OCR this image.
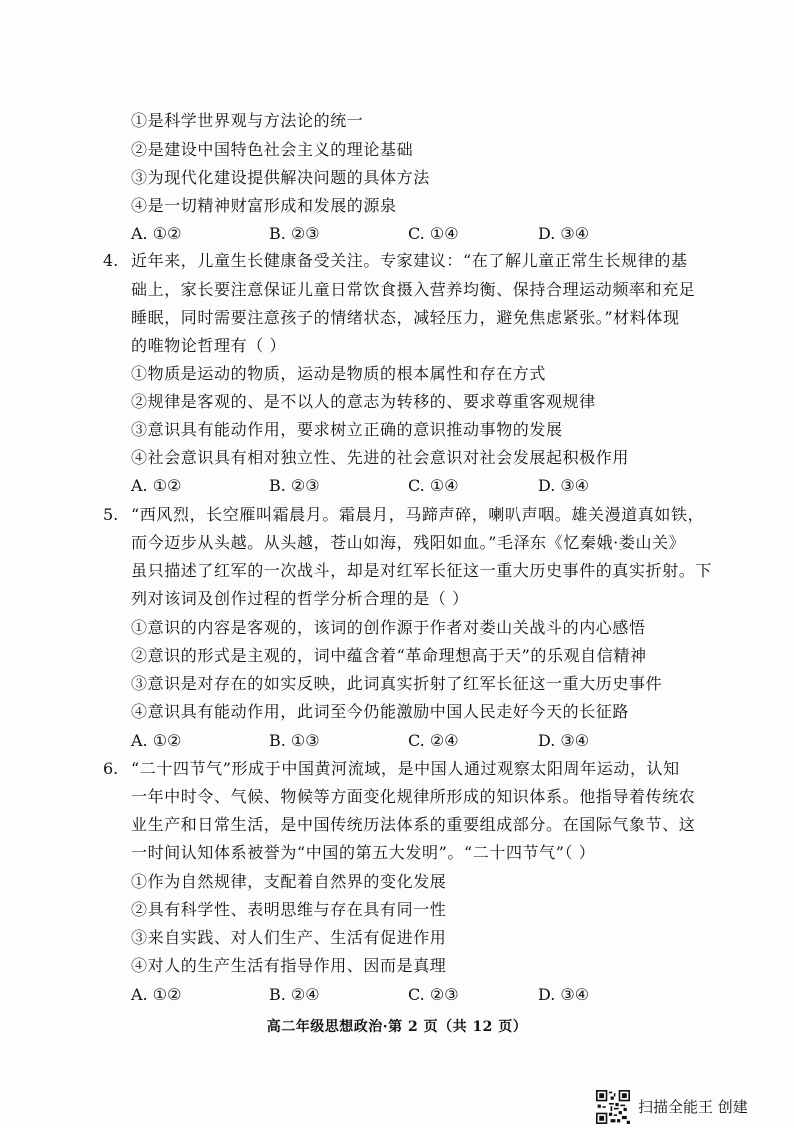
①是科学世界观与方法论的统一
②是建设中国特色社会主义的理论基础
③为现代化建设提供解决问题的具体方法
④是一切精神财富形成和发展的源泉
A. ①②	B. ②③	C. ①④	D. ③④
4. 近年来，儿童生长健康备受关注。专家建议：“在了解儿童正常生长规律的基
础上，家长要注意保证儿童日常饮食摄入营养均衡、保持合理运动频率和充足
睡眠，同时需要注意孩子的情绪状态，减轻压力，避免焦虑紧张。”材料体现
的唯物论哲理有（ ）
①物质是运动的物质，运动是物质的根本属性和存在方式
②规律是客观的、是不以人的意志为转移的、要求尊重客观规律
③意识具有能动作用，要求树立正确的意识推动事物的发展
④社会意识具有相对独立性、先进的社会意识对社会发展起积极作用
A. ①②	B. ②③	C. ①④	D. ③④
5. “西风烈，长空雁叫霜晨月。霜晨月，马蹄声碎，喇叭声咽。雄关漫道真如铁，
而今迈步从头越。从头越，苍山如海，残阳如血。”毛泽东《忆秦娥·娄山关》
虽只描述了红军的一次战斗，却是对红军长征这一重大历史事件的真实折射。下
列对该词及创作过程的哲学分析合理的是（ ）
①意识的内容是客观的，该词的创作源于作者对娄山关战斗的内心感悟
②意识的形式是主观的，词中蕴含着“革命理想高于天”的乐观自信精神
③意识是对存在的如实反映，此词真实折射了红军长征这一重大历史事件
④意识具有能动作用，此词至今仍能激励中国人民走好今天的长征路
A. ①②	B. ①③	C. ②④	D. ③④
6. “二十四节气”形成于中国黄河流域，是中国人通过观察太阳周年运动，认知
一年中时令、气候、物候等方面变化规律所形成的知识体系。他指导着传统农
业生产和日常生活，是中国传统历法体系的重要组成部分。在国际气象节、这
一时间认知体系被誉为“中国的第五大发明”。“二十四节气”（ ）
①作为自然规律，支配着自然界的变化发展
②具有科学性、表明思维与存在具有同一性
③来自实践、对人们生产、生活有促进作用
④对人的生产生活有指导作用、因而是真理
A. ①②	B. ②④	C. ②③	D. ③④
高二年级思想政治·第 2 页（共 12 页）
扫描全能王 创建
